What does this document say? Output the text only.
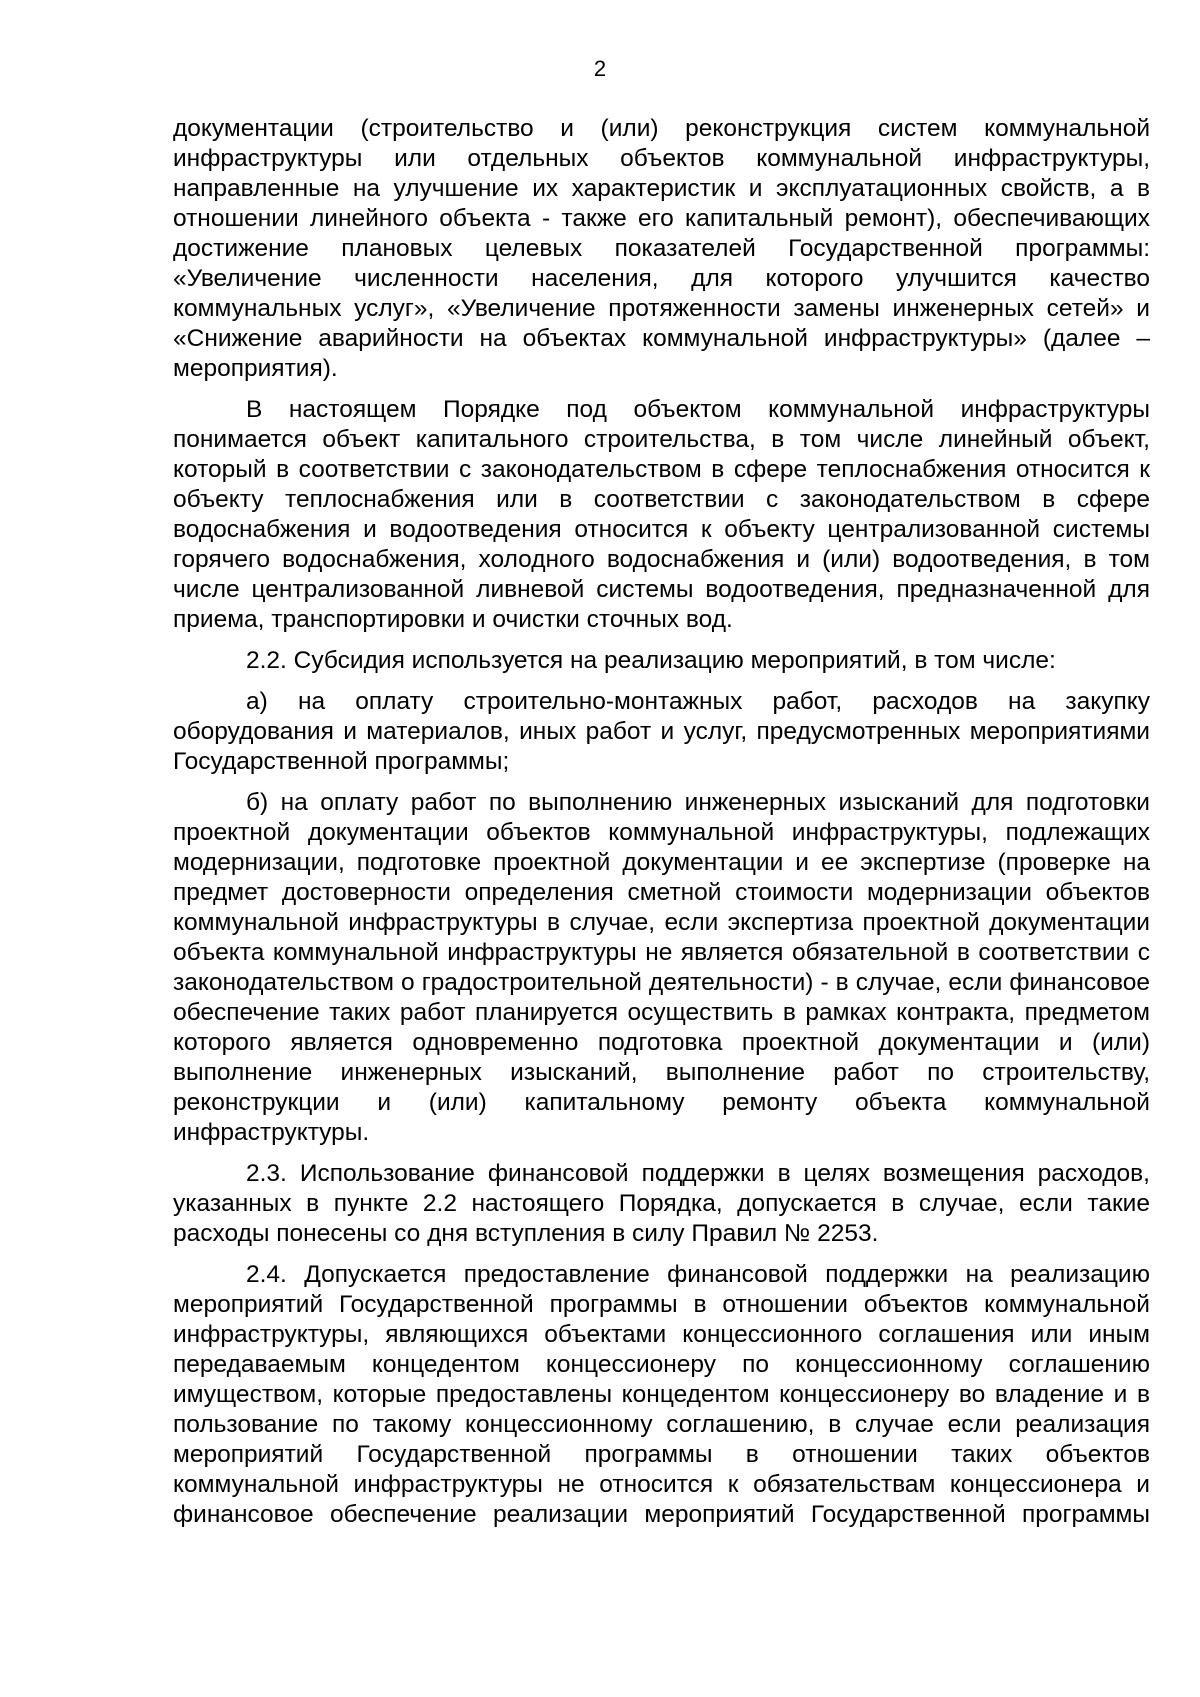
2

документации (строительство и (или) реконструкция систем коммунальной инфраструктуры или отдельных объектов коммунальной инфраструктуры, направленные на улучшение их характеристик и эксплуатационных свойств, а в отношении линейного объекта - также его капитальный ремонт), обеспечивающих достижение плановых целевых показателей Государственной программы: «Увеличение численности населения, для которого улучшится качество коммунальных услуг», «Увеличение протяженности замены инженерных сетей» и «Снижение аварийности на объектах коммунальной инфраструктуры» (далее – мероприятия).

В настоящем Порядке под объектом коммунальной инфраструктуры понимается объект капитального строительства, в том числе линейный объект, который в соответствии с законодательством в сфере теплоснабжения относится к объекту теплоснабжения или в соответствии с законодательством в сфере водоснабжения и водоотведения относится к объекту централизованной системы горячего водоснабжения, холодного водоснабжения и (или) водоотведения, в том числе централизованной ливневой системы водоотведения, предназначенной для приема, транспортировки и очистки сточных вод.

2.2. Субсидия используется на реализацию мероприятий, в том числе:

а) на оплату строительно-монтажных работ, расходов на закупку оборудования и материалов, иных работ и услуг, предусмотренных мероприятиями Государственной программы;

б) на оплату работ по выполнению инженерных изысканий для подготовки проектной документации объектов коммунальной инфраструктуры, подлежащих модернизации, подготовке проектной документации и ее экспертизе (проверке на предмет достоверности определения сметной стоимости модернизации объектов коммунальной инфраструктуры в случае, если экспертиза проектной документации объекта коммунальной инфраструктуры не является обязательной в соответствии с законодательством о градостроительной деятельности) - в случае, если финансовое обеспечение таких работ планируется осуществить в рамках контракта, предметом которого является одновременно подготовка проектной документации и (или) выполнение инженерных изысканий, выполнение работ по строительству, реконструкции и (или) капитальному ремонту объекта коммунальной инфраструктуры.

2.3. Использование финансовой поддержки в целях возмещения расходов, указанных в пункте 2.2 настоящего Порядка, допускается в случае, если такие расходы понесены со дня вступления в силу Правил № 2253.

2.4. Допускается предоставление финансовой поддержки на реализацию мероприятий Государственной программы в отношении объектов коммунальной инфраструктуры, являющихся объектами концессионного соглашения или иным передаваемым концедентом концессионеру по концессионному соглашению имуществом, которые предоставлены концедентом концессионеру во владение и в пользование по такому концессионному соглашению, в случае если реализация мероприятий Государственной программы в отношении таких объектов коммунальной инфраструктуры не относится к обязательствам концессионера и финансовое обеспечение реализации мероприятий Государственной программы
